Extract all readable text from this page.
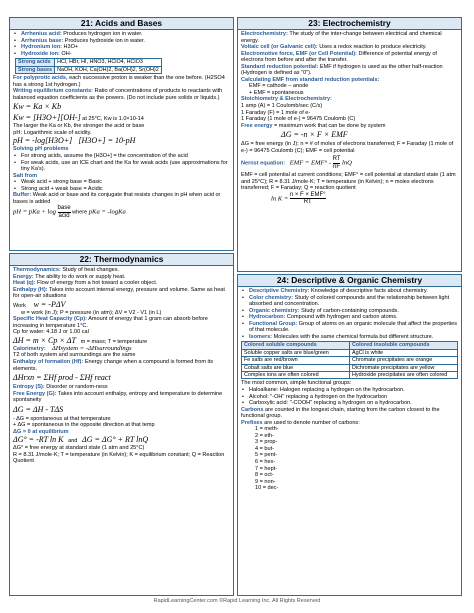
21: Acids and Bases
• Arrhenius acid: Produces hydrogen ion in water.
• Arrhenius base: Produces hydroxide ion in water.
• Hydronium ion: H3O+
• Hydroxide ion: OH-
Strong acids	HCl, HBr, HI, HNO3, HClO4, HClO3
Strong bases	NaOH, KOH, Ca(OH)2, Ba(OH)2, Sr(OH)2

For polyprotic acids, each successive proton is weaker than the one before. (H2SO4 has a strong 1st hydrogen.)

Writing equilibrium constants: Ratio of concentrations of products to reactants with balanced equation coefficients as the powers. (Do not include pure solids or liquids.)

Kw = Ka × Kb
Kw = [H3O+][OH-] at 25°C, Kw is 1.0×10-14

The larger the Ka or Kb, the stronger the acid or base

pH: Logarithmic scale of acidity.

pH = -log[H3O+] [H3O+] = 10-pH
Solving pH problems
• For strong acids, assume the [H3O+] = the concentration of the acid
• For weak acids, use an ICE chart and the Ka for weak acids (use approximations for tiny Ka's).
Salt from
• Weak acid + strong base = Basic
• Strong acid + weak base = Acidic

Buffer: Weak acid or base and its conjugate that resists changes in pH when acid or bases is added

pH = pKa + $\log \frac{\text{base}}{\text{acid}}$ where pKa = -logKa
22: Thermodynamics

Thermodynamics: Study of heat changes.

Energy: The ability to do work or supply heat.

Heat (q): Flow of energy from a hot toward a cooler object.

Enthalpy (H): Takes into account internal energy, pressure and volume. Same as heat for open-air situations

Work w = -PΔV
w = work (in J); P = pressure (in atm); ΔV = V2 - V1 (in L)

Specific Heat Capacity (Cp): Amount of energy that 1 gram can absorb before increasing in temperature 1°C.

Cp for water: 4.18 J or 1.00 cal
ΔH = m × Cp × ΔT m = mass; T = temperature
Calorimetry: ΔHsystem = -ΔHsurroundings
T2 of both system and surroundings are the same

Enthalpy of formation (Hf): Energy change when a compound is formed from its elements.

ΔHrxn = ΣHf prod - ΣHf react

Entropy (S): Disorder or random-ness

Free Energy (G): Takes into account enthalpy, entropy and temperature to determine spontaneity

ΔG = ΔH - TΔS
- ΔG = spontaneous at that temperature
+ ΔG = spontaneous in the opposite direction at that temp
ΔG = 0 at equilibrium
ΔG° = -RT ln K and ΔG = ΔG° + RT lnQ
ΔG° = free energy at standard state (1 atm and 25°C)
R = 8.31 J/mole·K; T = temperature (in Kelvin); K = equilibrium constant; Q = Reaction Quotient
23: Electrochemistry

Electrochemistry: The study of the inter-change between electrical and chemical energy.

Voltaic cell (or Galvanic cell): Uses a redox reaction to produce electricity.

Electromotive force, EMF (or Cell Potential): Difference of potential energy of electrons from before and after the transfer.

Standard reduction potential: EMF if hydrogen is used as the other half-reaction (Hydrogen is defined as "0").

Calculating EMF from standard reduction potentials:
EMF = cathode – anode
+ EMF = spontaneous
Stoichiometry & Electrochemistry:
1 amp (A) = 1 Coulomb/sec (C/s)
1 Faraday (F) = 1 mole of e-
1 Faraday (1 mole of e-) = 96475 Coulomb (C)

Free energy = maximum work that can be done by system

ΔG = -n × F × EMF
ΔG = free energy (in J); n = # of moles of electrons transferred; F = Faraday (1 mole of e-) = 96475 Coulomb (C); EMF = cell potential
Nernst equation: EMF = $EMF^\circ - \frac{RT}{nF}$ lnQ
EMF = cell potential at current conditions; EMF° = cell potential at standard state (1 atm and 25°C); R = 8.31 J/mole·K; T = temperature (in Kelvin); n = moles electrons transferred; F = Faraday; Q = reaction quotient
$\ln K = \frac{\text{n × F × EMF°}}{RT}$
24: Descriptive & Organic Chemistry
• Descriptive Chemistry: Knowledge of descriptive facts about chemistry.
• Color chemistry: Study of colored compounds and the relationship between light absorbed and concentration.
• Organic chemistry: Study of carbon-containing compounds.
• Hydrocarbon: Compound with hydrogen and carbon atoms.
• Functional Group: Group of atoms on an organic molecule that affect the properties of that molecule.
• Isomers: Molecules with the same chemical formula but different structure.
Colored soluble compounds	Colored insoluble compounds
Soluble copper salts are blue/green	AgCl is white
Fe salts are red/brown	Chromate precipitates are orange
Cobalt salts are blue	Dichromate precipitates are yellow
Complex ions are often colored	Hydroxide precipitates are often colored
The most common, simple functional groups:
• Haloalkane: Halogen replacing a hydrogen on the hydrocarbon.
• Alcohol: "-OH" replacing a hydrogen on the hydrocarbon
• Carboxylic acid: "-COOH" replacing a hydrogen on a hydrocarbon.

Carbons are counted in the longest chain, starting from the carbon closest to the functional group.

Prefixes are used to denote number of carbons:

1 = meth-
2 = eth-
3 = prop-
4 = but-
5 = pent-
6 = hex-
7 = hept-
8 = oct-
9 = non-
10 = dec-
RapidLearningCenter.com ©Rapid Learning Inc. All Rights Reserved
